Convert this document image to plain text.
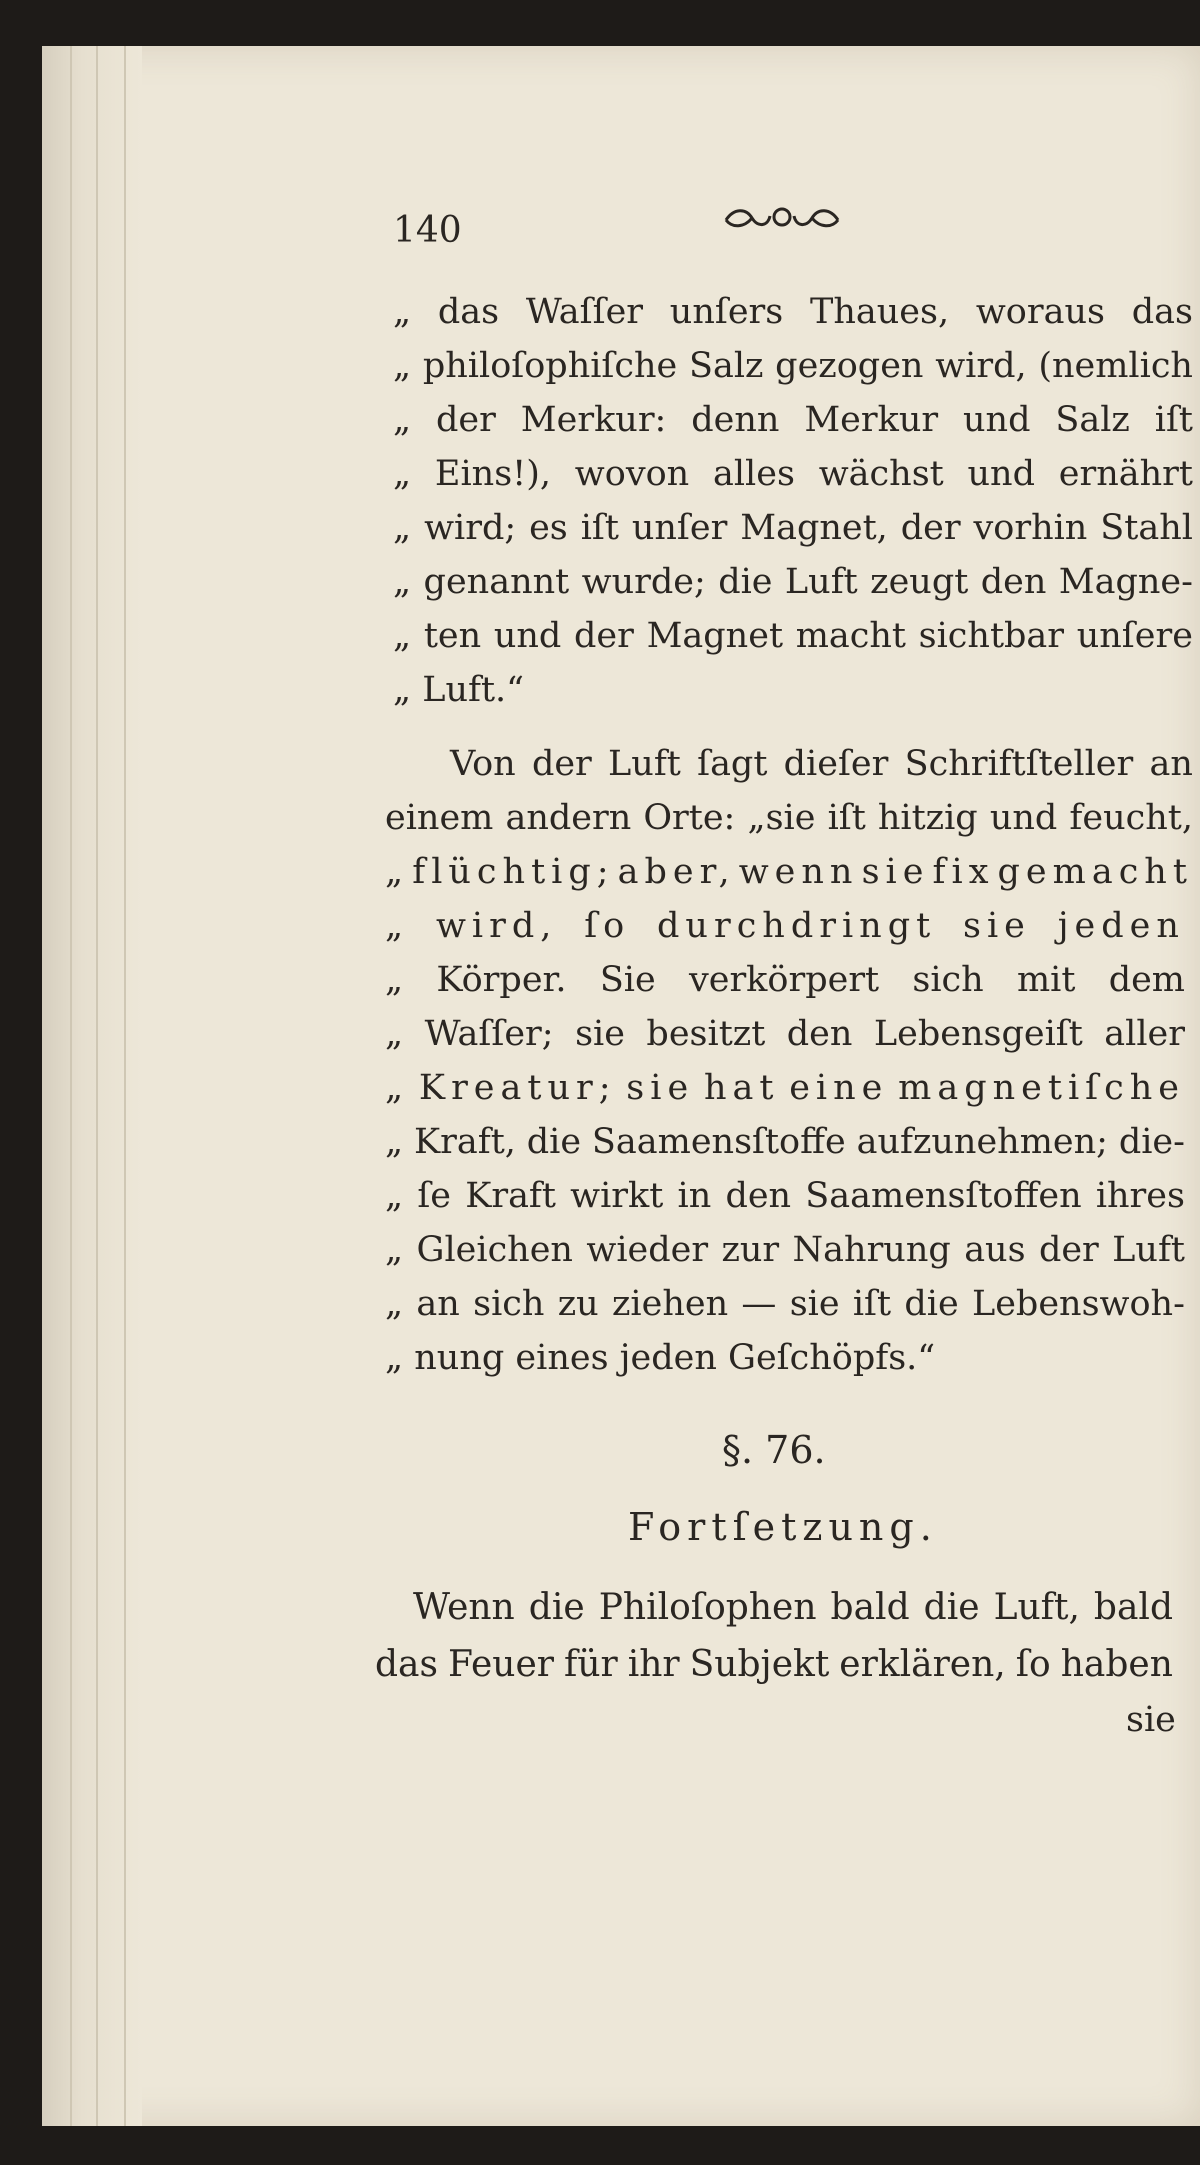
140
„ das Waſſer unſers Thaues, woraus das
„ philoſophiſche Salz gezogen wird, (nemlich
„ der Merkur: denn Merkur und Salz iſt
„ Eins!), wovon alles wächst und ernährt
„ wird; es iſt unſer Magnet, der vorhin Stahl
„ genannt wurde; die Luft zeugt den Magne-
„ ten und der Magnet macht sichtbar unſere
„ Luft.“
Von der Luft ſagt dieſer Schriftſteller an
einem andern Orte: „sie iſt hitzig und feucht,
„ flüchtig; aber, wenn sie fix gemacht
„ wird, ſo durchdringt sie jeden
„ Körper. Sie verkörpert sich mit dem
„ Waſſer; sie besitzt den Lebensgeiſt aller
„ Kreatur; sie hat eine magnetiſche
„ Kraft, die Saamensſtoffe aufzunehmen; die-
„ ſe Kraft wirkt in den Saamensſtoffen ihres
„ Gleichen wieder zur Nahrung aus der Luft
„ an sich zu ziehen — sie iſt die Lebenswoh-
„ nung eines jeden Geſchöpfs.“
§. 76.
Fortſetzung.
Wenn die Philoſophen bald die Luft, bald
das Feuer für ihr Subjekt erklären, ſo haben
sie
